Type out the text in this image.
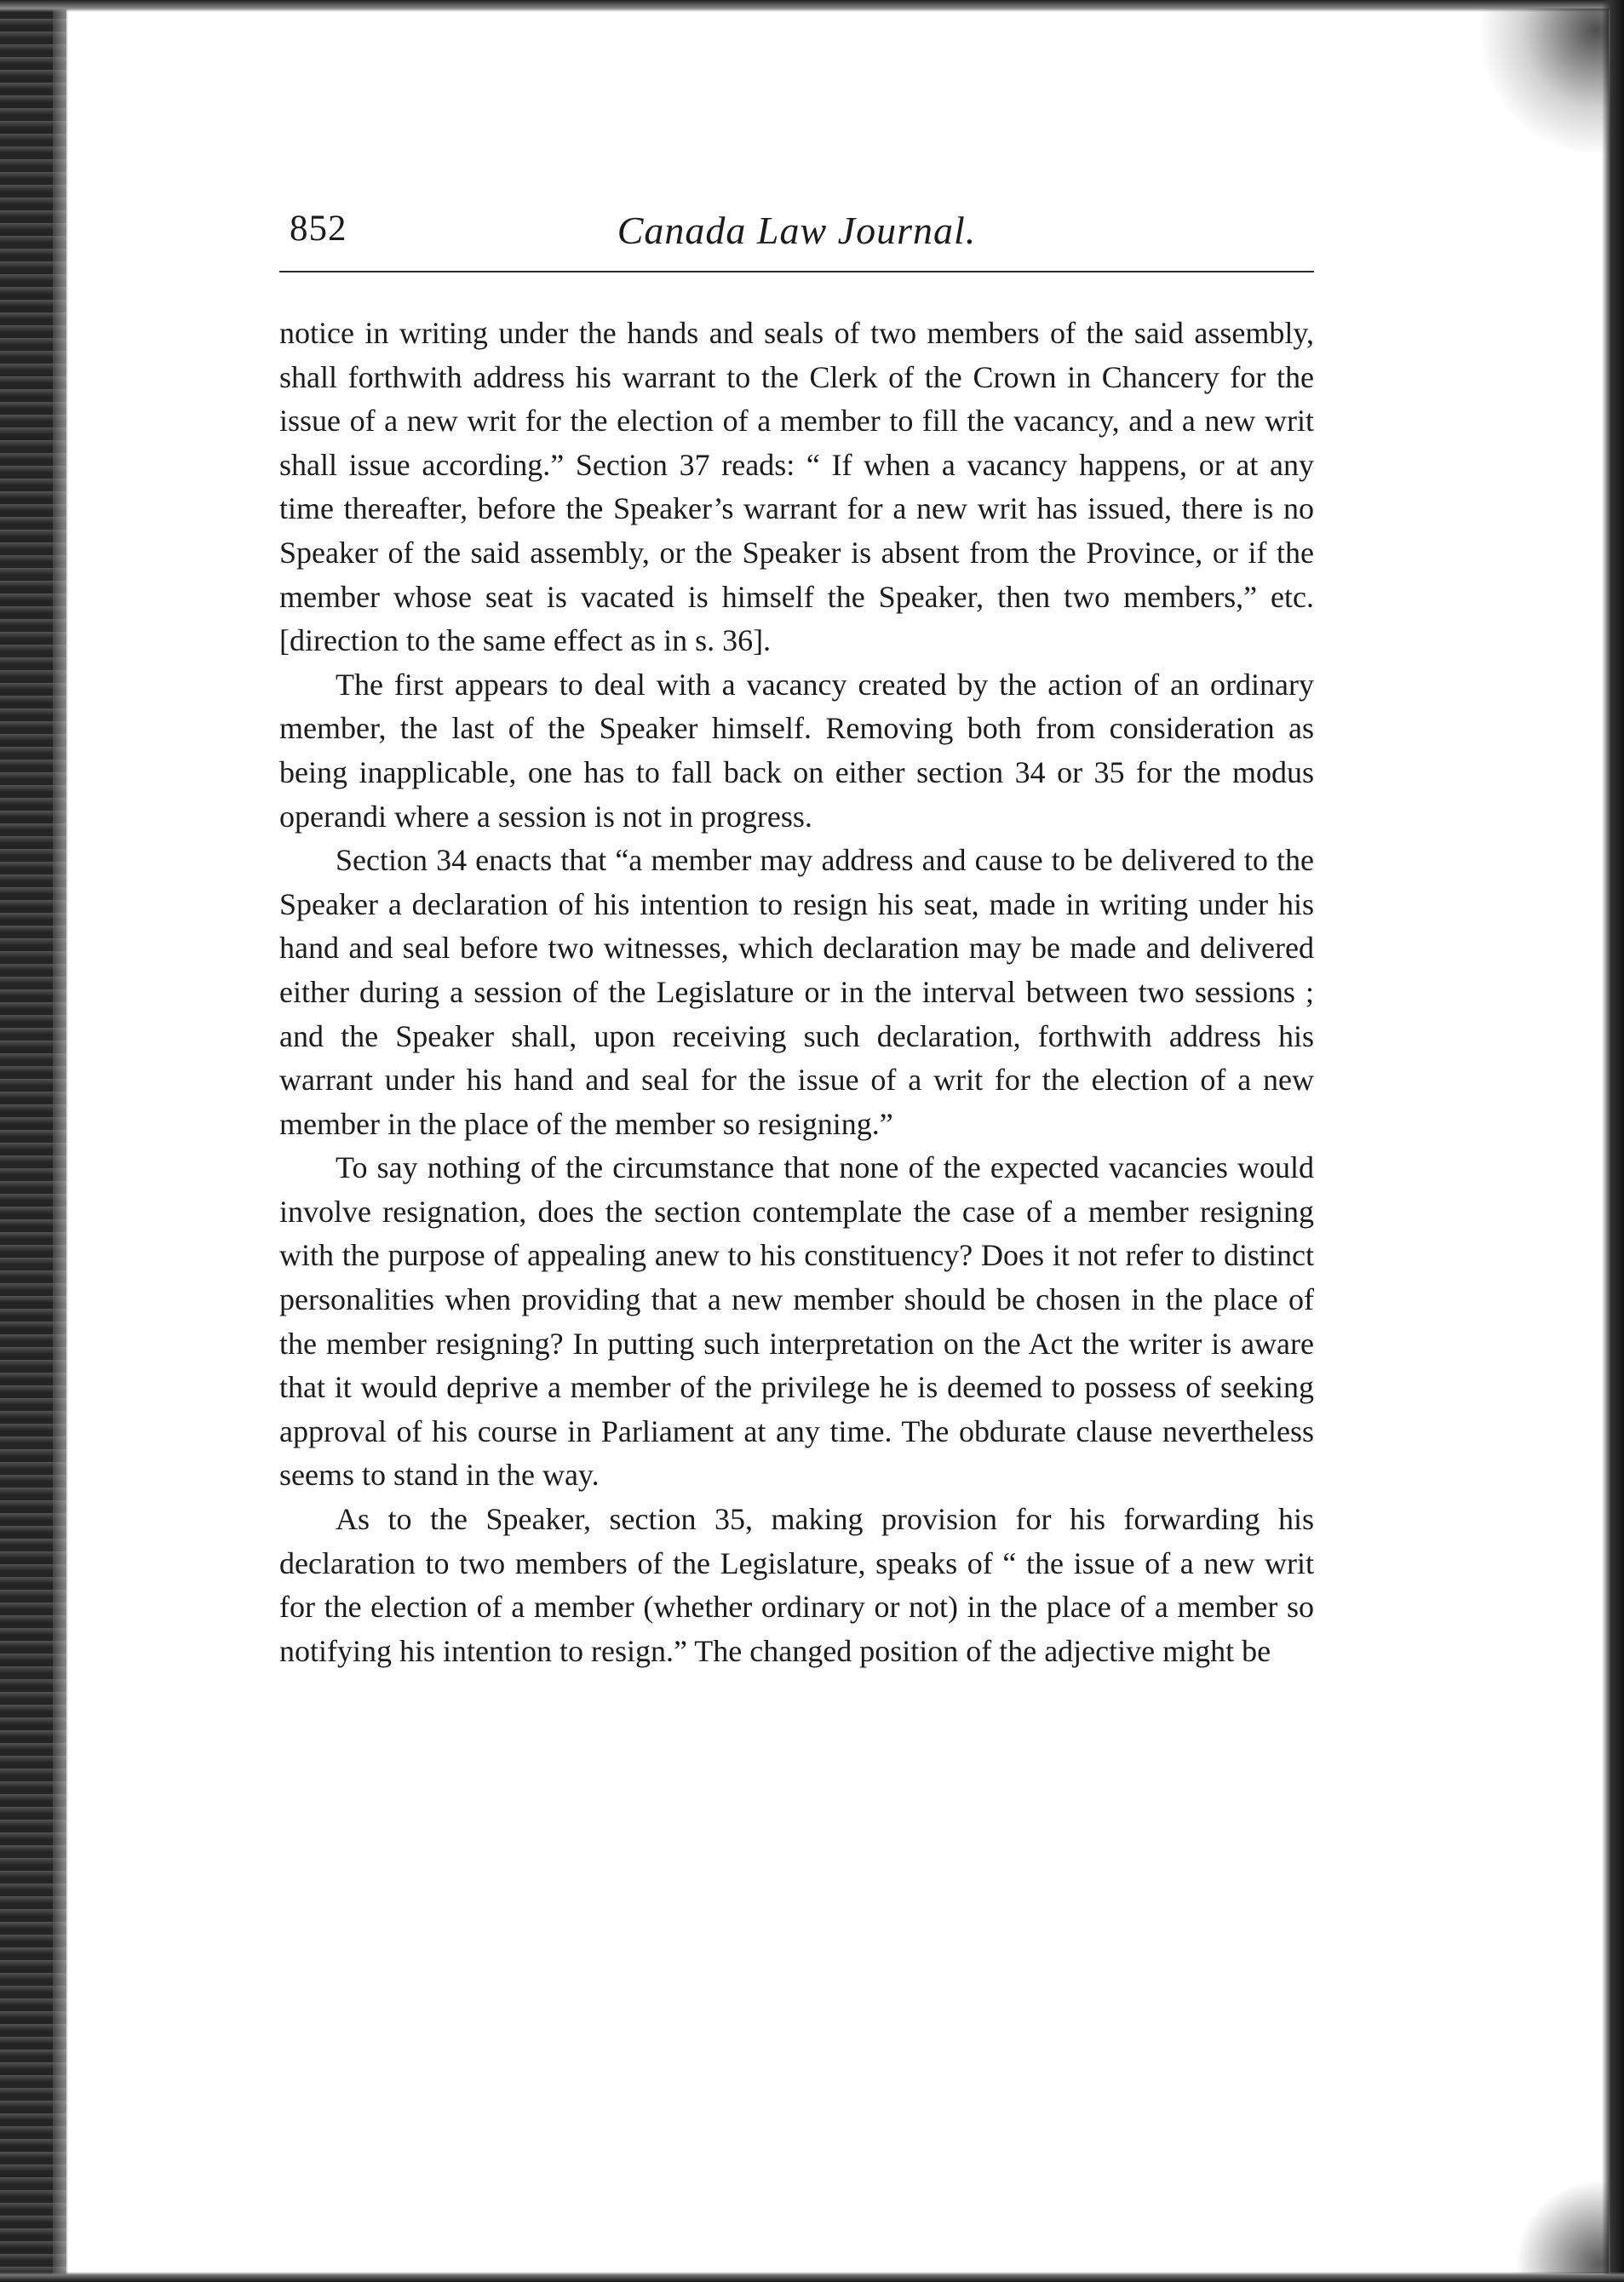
852	Canada Law Journal.

notice in writing under the hands and seals of two members of the said assembly, shall forthwith address his warrant to the Clerk of the Crown in Chancery for the issue of a new writ for the election of a member to fill the vacancy, and a new writ shall issue according.” Section 37 reads: “ If when a vacancy happens, or at any time thereafter, before the Speaker’s warrant for a new writ has issued, there is no Speaker of the said assembly, or the Speaker is absent from the Province, or if the member whose seat is vacated is himself the Speaker, then two members,” etc. [direction to the same effect as in s. 36].

The first appears to deal with a vacancy created by the action of an ordinary member, the last of the Speaker himself. Removing both from consideration as being inapplicable, one has to fall back on either section 34 or 35 for the modus operandi where a session is not in progress.

Section 34 enacts that “a member may address and cause to be delivered to the Speaker a declaration of his intention to resign his seat, made in writing under his hand and seal before two witnesses, which declaration may be made and delivered either during a session of the Legislature or in the interval between two sessions ; and the Speaker shall, upon receiving such declaration, forthwith address his warrant under his hand and seal for the issue of a writ for the election of a new member in the place of the member so resigning.”

To say nothing of the circumstance that none of the expected vacancies would involve resignation, does the section contemplate the case of a member resigning with the purpose of appealing anew to his constituency? Does it not refer to distinct personalities when providing that a new member should be chosen in the place of the member resigning? In putting such interpretation on the Act the writer is aware that it would deprive a member of the privilege he is deemed to possess of seeking approval of his course in Parliament at any time. The obdurate clause nevertheless seems to stand in the way.

As to the Speaker, section 35, making provision for his forwarding his declaration to two members of the Legislature, speaks of “ the issue of a new writ for the election of a member (whether ordinary or not) in the place of a member so notifying his intention to resign.” The changed position of the adjective might be
